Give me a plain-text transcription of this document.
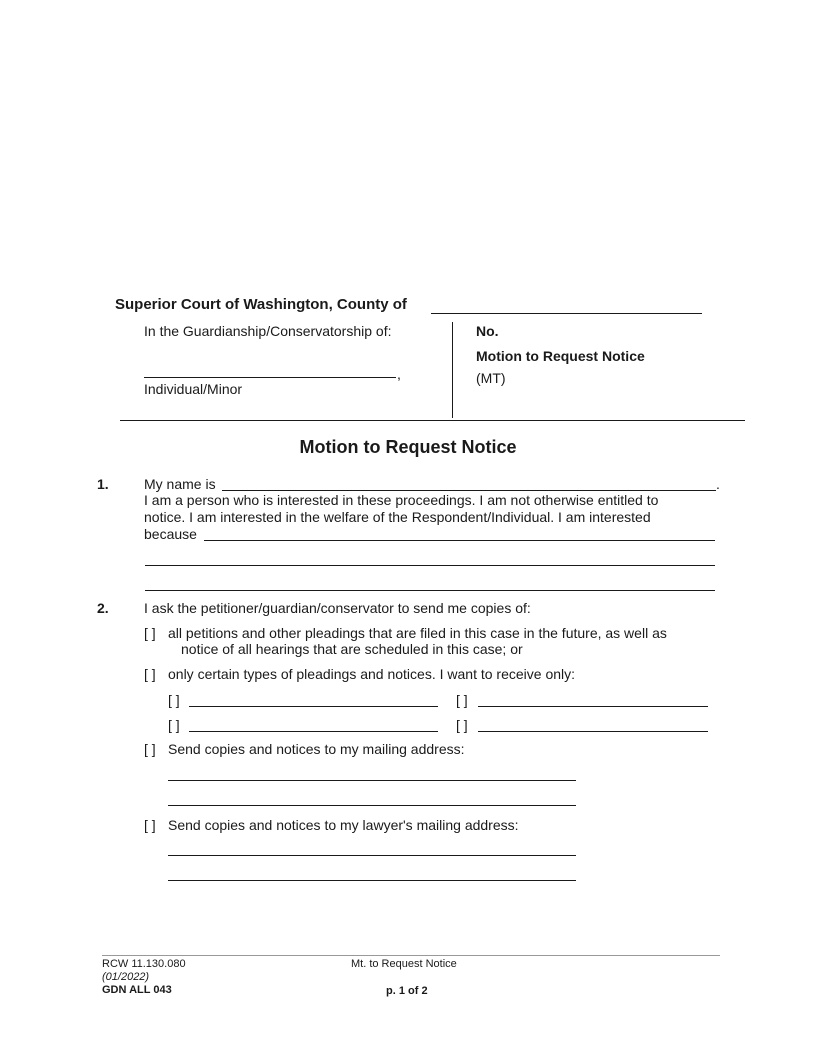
Superior Court of Washington, County of
In the Guardianship/Conservatorship of:
,
Individual/Minor
No.
Motion to Request Notice
(MT)
Motion to Request Notice
1.	My name is	.
I am a person who is interested in these proceedings. I am not otherwise entitled to
notice. I am interested in the welfare of the Respondent/Individual. I am interested
because
2.	I ask the petitioner/guardian/conservator to send me copies of:
[ ] all petitions and other pleadings that are filed in this case in the future, as well as
notice of all hearings that are scheduled in this case; or
[ ] only certain types of pleadings and notices. I want to receive only:
[ ]	[ ]
[ ]	[ ]
[ ] Send copies and notices to my mailing address:
[ ] Send copies and notices to my lawyer's mailing address:
RCW 11.130.080
(01/2022)
GDN ALL 043
Mt. to Request Notice
p. 1 of 2
